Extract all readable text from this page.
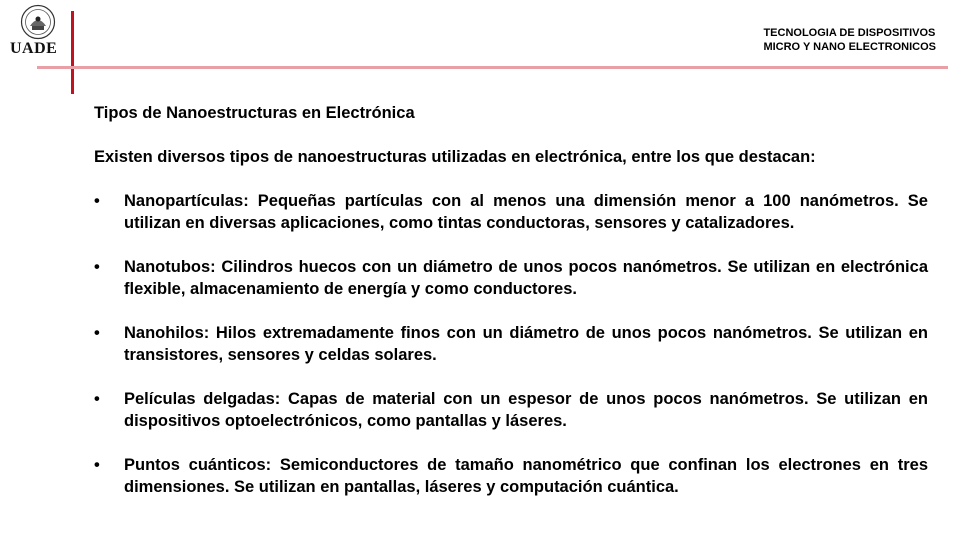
UADE
TECNOLOGIA DE DISPOSITIVOS
MICRO Y NANO ELECTRONICOS
Tipos de Nanoestructuras en Electrónica
Existen diversos tipos de nanoestructuras utilizadas en electrónica, entre los que destacan:
• Nanopartículas: Pequeñas partículas con al menos una dimensión menor a 100 nanómetros. Se utilizan en diversas aplicaciones, como tintas conductoras, sensores y catalizadores.
• Nanotubos: Cilindros huecos con un diámetro de unos pocos nanómetros. Se utilizan en electrónica flexible, almacenamiento de energía y como conductores.
• Nanohilos: Hilos extremadamente finos con un diámetro de unos pocos nanómetros. Se utilizan en transistores, sensores y celdas solares.
• Películas delgadas: Capas de material con un espesor de unos pocos nanómetros. Se utilizan en dispositivos optoelectrónicos, como pantallas y láseres.
• Puntos cuánticos: Semiconductores de tamaño nanométrico que confinan los electrones en tres dimensiones. Se utilizan en pantallas, láseres y computación cuántica.
